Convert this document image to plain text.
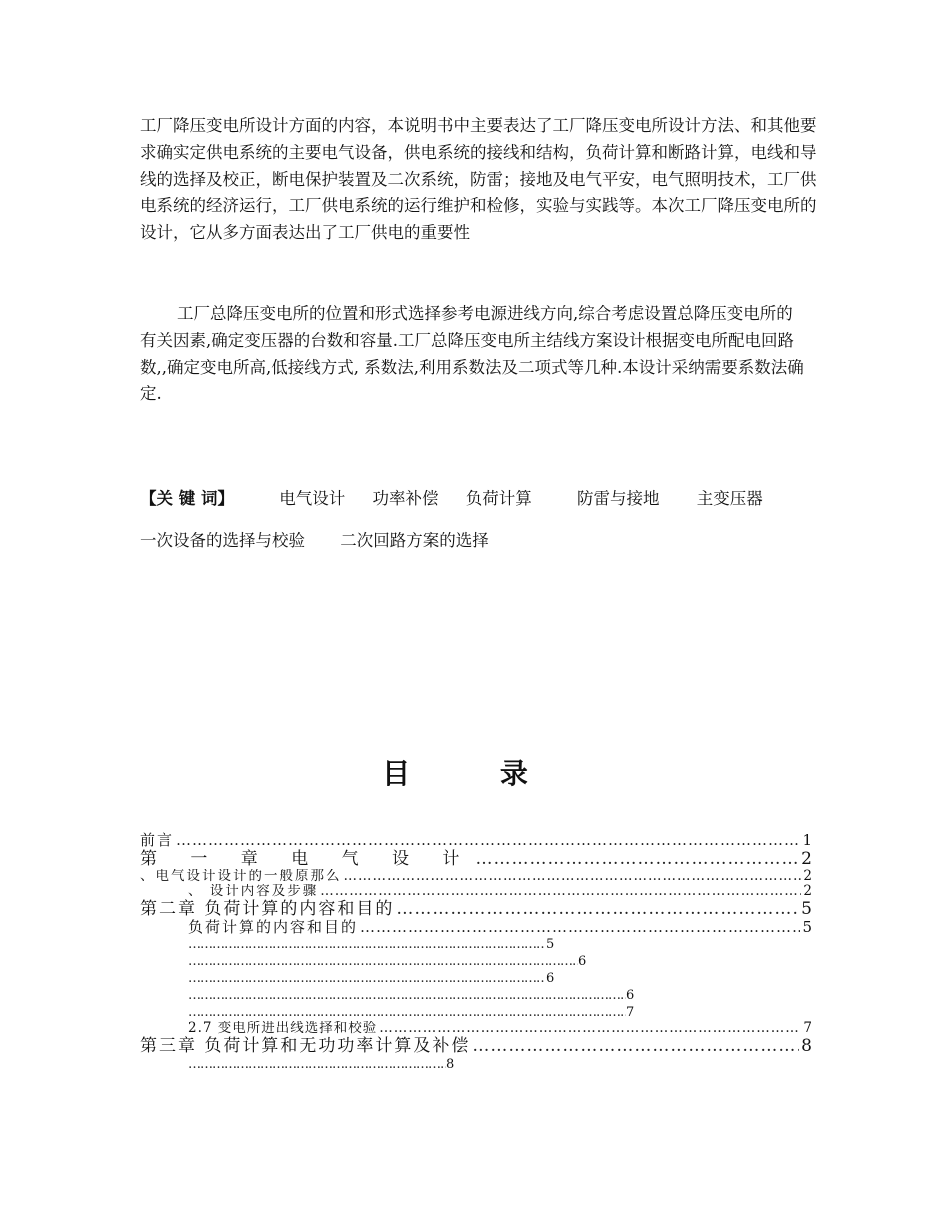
工厂降压变电所设计方面的内容，本说明书中主要表达了工厂降压变电所设计方法、和其他要求确实定供电系统的主要电气设备，供电系统的接线和结构，负荷计算和断路计算，电线和导线的选择及校正，断电保护装置及二次系统，防雷；接地及电气平安，电气照明技术，工厂供电系统的经济运行，工厂供电系统的运行维护和检修，实验与实践等。本次工厂降压变电所的设计，它从多方面表达出了工厂供电的重要性

工厂总降压变电所的位置和形式选择参考电源进线方向,综合考虑设置总降压变电所的有关因素,确定变压器的台数和容量.工厂总降压变电所主结线方案设计根据变电所配电回路数,,确定变电所高,低接线方式, 系数法,利用系数法及二项式等几种.本设计采纳需要系数法确定.

【关 键 词】	电气设计 功率补偿 负荷计算	防雷与接地 主变压器
一次设备的选择与校验 二次回路方案的选择
目 录
前言 ……………………………………………………………………………………………………………………………………………………………………………………………	1
第 一 章 电 气 设 计 ……………………………………………………………………………………………………………………………………………………………………………………………	2
、电气设计设计的一般原那么 ……………………………………………………………………………………………………………………………………………………………………………………………	2
、 设计内容及步骤 ……………………………………………………………………………………………………………………………………………………………………………………………	2
第二章 负荷计算的内容和目的 ……………………………………………………………………………………………………………………………………………………………………………………………	5
负荷计算的内容和目的 ……………………………………………………………………………………………………………………………………………………………………………………………	5
…………………………………………………………………………………………………………………………………………………………………5
…………………………………………………………………………………………………………………………………………………………………6
…………………………………………………………………………………………………………………………………………………………………6
…………………………………………………………………………………………………………………………………………………………………6
…………………………………………………………………………………………………………………………………………………………………7
2.7 变电所进出线选择和校验 ……………………………………………………………………………………………………………………………………………………………………………………………	7
第三章 负荷计算和无功功率计算及补偿 ……………………………………………………………………………………………………………………………………………………………………………………………	8
…………………………………………………………………………………………………………………………………………………………………8
